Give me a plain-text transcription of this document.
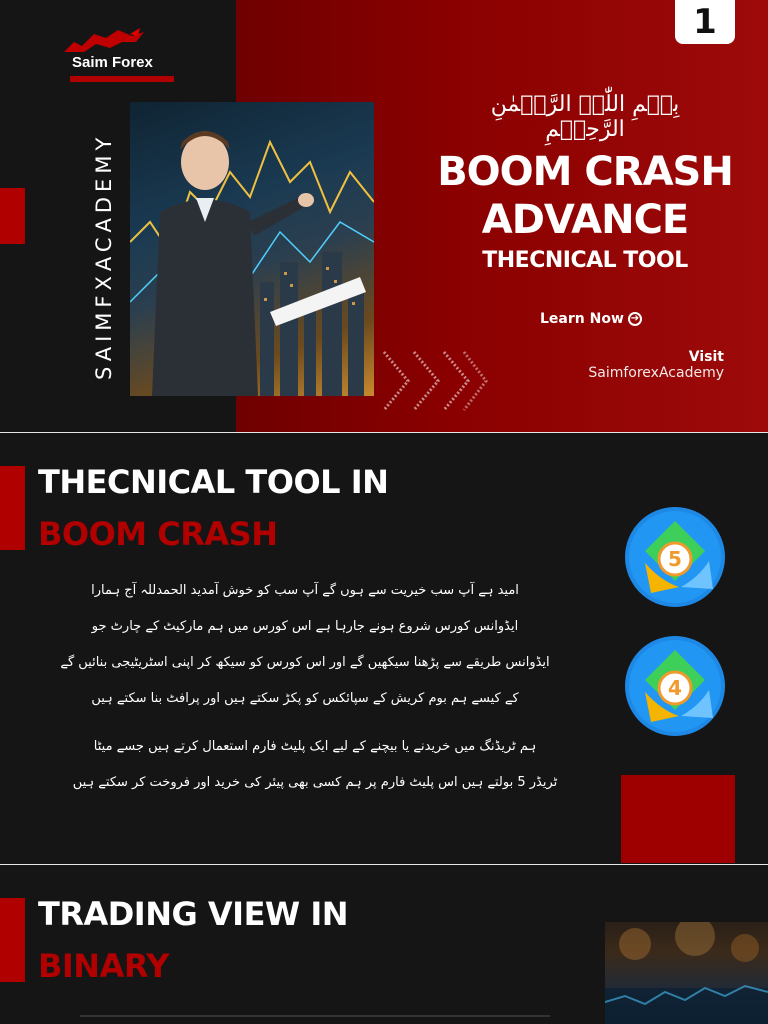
Saim Forex
SAIMFXACADEMY
بِسۡمِ اللّٰہِ الرَّحۡمٰنِ الرَّحِیۡمِ
BOOM CRASH
ADVANCE
THECNICAL TOOL
Learn Now ➔
Visit
SaimforexAcademy
1
THECNICAL TOOL IN
BOOM CRASH
امید ہے آپ سب خیریت سے ہوں گے آپ سب کو خوش آمدید الحمدللہ آج ہمارا
ایڈوانس کورس شروع ہونے جارہا ہے اس کورس میں ہم مارکیٹ کے چارٹ جو
ایڈوانس طریقے سے پڑھنا سیکھیں گے اور اس کورس کو سیکھ کر اپنی اسٹریٹیجی بنائیں گے
کے کیسے ہم بوم کریش کے سپائکس کو پکڑ سکتے ہیں اور پرافٹ بنا سکتے ہیں
ہم ٹریڈنگ میں خریدنے یا بیچنے کے لیے ایک پلیٹ فارم استعمال کرتے ہیں جسے میٹا
ٹریڈر 5 بولتے ہیں اس پلیٹ فارم پر ہم کسی بھی پیئر کی خرید اور فروخت کر سکتے ہیں
5
4
TRADING VIEW IN
BINARY
